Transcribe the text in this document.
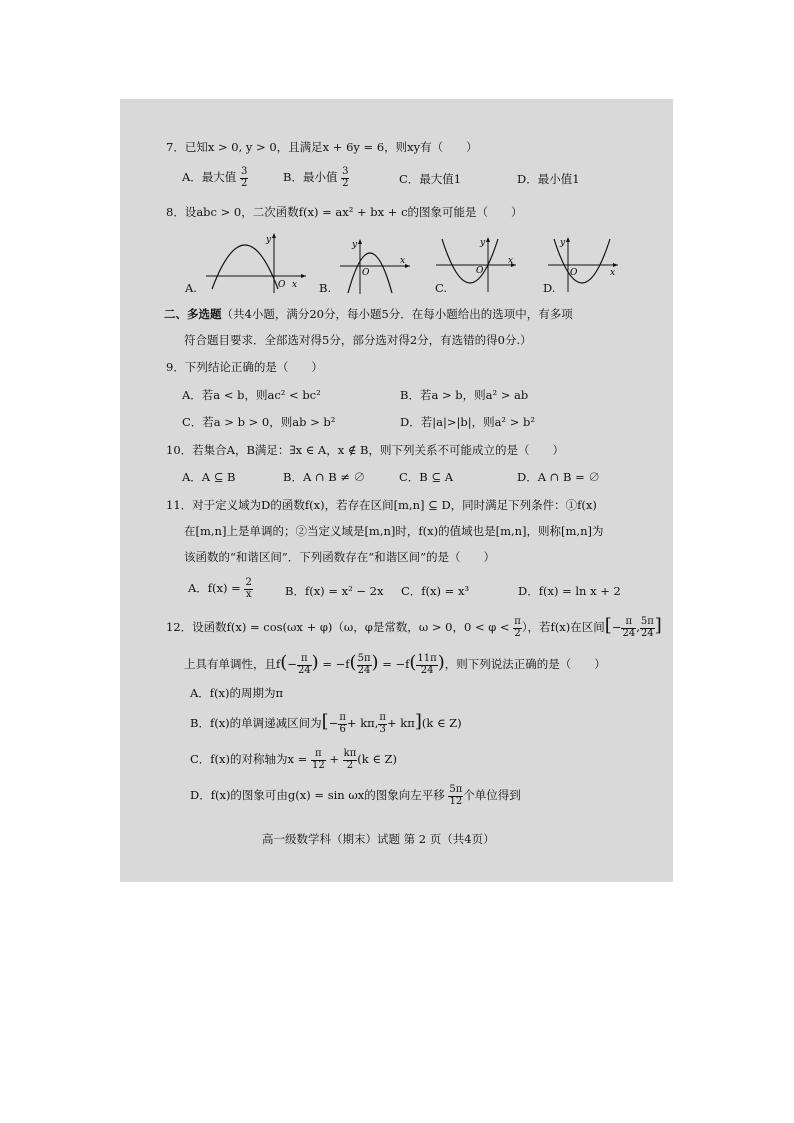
7．已知x > 0, y > 0，且满足x + 6y = 6，则xy有（　　）
A．最大值 $\frac{3}{2}$	B．最小值 $\frac{3}{2}$	C．最大值1	D．最小值1
8．设abc > 0，二次函数f(x) = ax² + bx + c的图象可能是（　　）
O x
y
O
x
y
O
x
y
O	x
y
A.	B.	C.	D.
二、多选题（共4小题，满分20分，每小题5分．在每小题给出的选项中，有多项
符合题目要求．全部选对得5分，部分选对得2分，有选错的得0分.）
9．下列结论正确的是（　　）
A．若a < b，则ac² < bc²	B．若a > b，则a² > ab
C．若a > b > 0，则ab > b²	D．若|a|>|b|，则a² > b²
10．若集合A，B满足：∃x ∈ A，x ∉ B，则下列关系不可能成立的是（　　）
A．A ⊆ B	B．A ∩ B ≠ ∅	C．B ⊆ A	D．A ∩ B = ∅
11．对于定义域为D的函数f(x)，若存在区间[m,n] ⊆ D，同时满足下列条件：①f(x)
在[m,n]上是单调的；②当定义域是[m,n]时，f(x)的值域也是[m,n]，则称[m,n]为
该函数的“和谐区间”．下列函数存在“和谐区间”的是（　　）
A．$f(x) = \frac{2}{x}$	B．f(x) = x² − 2x C．f(x) = x³	D．f(x) = ln x + 2
12．设函数f(x) = cos(ωx + φ)（ω，φ是常数，ω > 0，$0 < \varphi < \frac{\pi}{2}$ ），若f(x)在区间[− $\frac{\pi}{24}$ , $\frac{5\pi}{24}$ ]
上具有单调性，且$f(- \frac{\pi}{24}$ ) = $-f( \frac{5\pi}{24}$ ) = $-f( \frac{11\pi}{24}$ )，则下列说法正确的是（　　）
A．f(x)的周期为π
B．f(x)的单调递减区间为[− $\frac{\pi}{6} + k\pi$, $\frac{\pi}{3} + k\pi](k$ ∈ Z)
C．f(x)的对称轴为$x = \frac{\pi}{12} + \frac{k\pi}{2} (k$ ∈ Z)
D．f(x)的图象可由g(x) = sin ωx的图象向左平移 $\frac{5\pi}{12}$ 个单位得到
高一级数学科（期末）试题 第 2 页（共4页）
